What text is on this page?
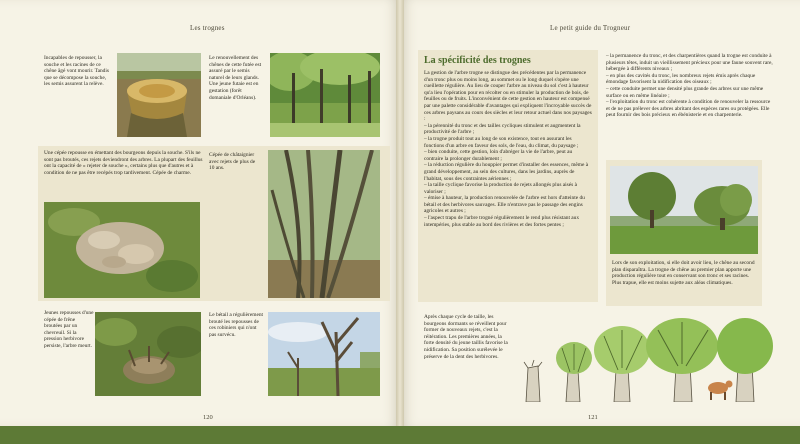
Les trognes
Incapables de repousser, la souche et les racines de ce chêne âgé vont mourir. Tandis que se décompose la souche, les semis assurent la relève.
Le renouvellement des chênes de cette futée est assuré par le semis naturel de leurs glands. Une jeune futaie est en gestation (forêt domaniale d'Orléans).
Une cépée repousse en émettant des bourgeons depuis la souche. S'ils ne sont pas broutés, ces rejets deviendront des arbres. La plupart des feuillus ont la capacité de « rejeter de souche », certains plus que d'autres et à condition de ne pas être recépés trop tardivement. Cépée de charme.
Cépée de châtaignier avec rejets de plus de 10 ans.
Jeunes repousses d'une cépée de frêne broutées par un chevreuil. Si la pression herbivore persiste, l'arbre meurt.
Le bétail a régulièrement brouté les repousses de ces robiniers qui n'ont pas survécu.
120
Le petit guide du Trogneur
La spécificité des trognes

La gestion de l'arbre trogne se distingue des précédentes par la permanence d'un tronc plus ou moins long, au sommet ou le long duquel s'opère une cueillette régulière. Au lieu de couper l'arbre au niveau du sol c'est à hauteur qu'a lieu l'opération pour en récolter ou en stimuler la production de bois, de feuilles ou de fruits. L'inconvénient de cette gestion en hauteur est compensé par une palette considérable d'avantages qui expliquent l'incroyable succès de ces arbres paysans au cours des siècles et leur retour actuel dans nos paysages :

– la pérennité du tronc et des tailles cycliques stimulent et augmentent la productivité de l'arbre ;

– la trogne produit tout au long de son existence, tout en assurant les fonctions d'un arbre en faveur des sols, de l'eau, du climat, du paysage ;

– bien conduite, cette gestion, loin d'abréger la vie de l'arbre, peut au contraire la prolonger durablement ;

– la réduction régulière du houppier permet d'installer des essences, même à grand développement, au sein des cultures, dans les jardins, auprès de l'habitat, sous des contraintes aériennes ;

– la taille cyclique favorise la production de rejets allongés plus aisés à valoriser ;

– émise à hauteur, la production renouvelée de l'arbre est hors d'atteinte du bétail et des herbivores sauvages. Elle n'entrave pas le passage des engins agricoles et autres ;

– l'aspect trapu de l'arbre trogné régulièrement le rend plus résistant aux intempéries, plus stable au bord des rivières et des fortes pentes ;

– la permanence du tronc, et des charpentières quand la trogne est conduite à plusieurs têtes, induit un vieillissement précieux pour une faune souvent rare, hébergée à différents niveaux ;

– en plus des cavités du tronc, les nombreux rejets émis après chaque émondage favorisent la nidification des oiseaux ;

– cette conduite permet une densité plus grande des arbres sur une même surface ou en même linéaire ;

– l'exploitation du tronc est cohérente à condition de renouveler la ressource et de ne pas prélever des arbres abritant des espèces rares ou protégées. Elle peut fournir des bois précieux en ébénisterie et en charpenterie.

Lors de son exploitation, si elle doit avoir lieu, le chêne au second plan disparaîtra. La trogne de chêne au premier plan apporte une production régulière tout en conservant son tronc et ses racines. Plus trapue, elle est moins sujette aux aléas climatiques.
Après chaque cycle de taille, les bourgeons dormants se réveillent pour former de nouveaux rejets, c'est la réitération. Les premières années, la forte densité du jeune taillis favorise la nidification. Sa position surélevée le préserve de la dent des herbivores.
121
